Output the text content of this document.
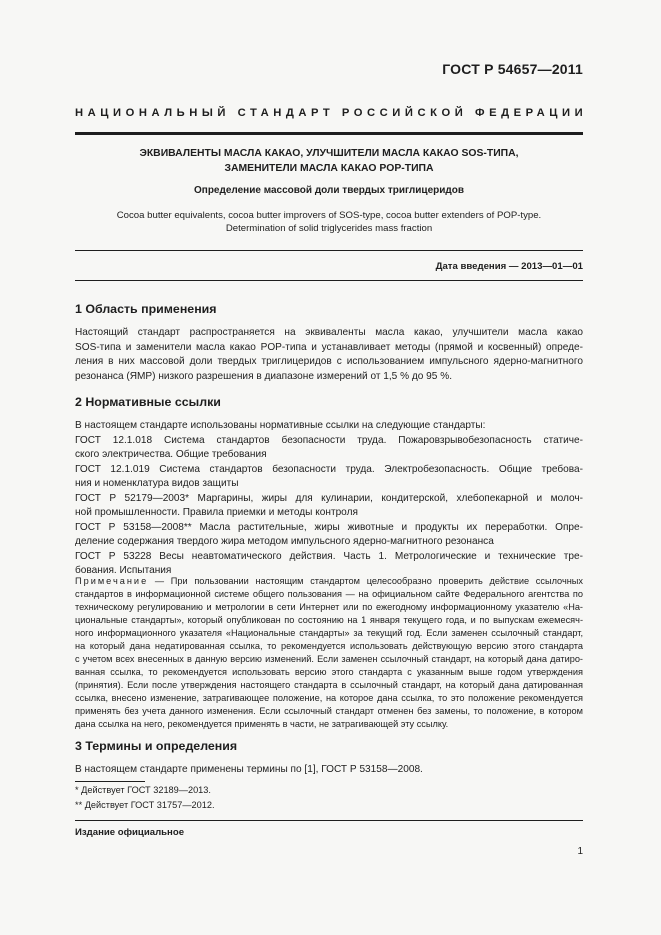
ГОСТ Р 54657—2011
НАЦИОНАЛЬНЫЙ СТАНДАРТ РОССИЙСКОЙ ФЕДЕРАЦИИ
ЭКВИВАЛЕНТЫ МАСЛА КАКАО, УЛУЧШИТЕЛИ МАСЛА КАКАО SOS-ТИПА,
ЗАМЕНИТЕЛИ МАСЛА КАКАО POP-ТИПА
Определение массовой доли твердых триглицеридов
Cocoa butter equivalents, cocoa butter improvers of SOS-type, cocoa butter extenders of POP-type.
Determination of solid triglycerides mass fraction
Дата введения — 2013—01—01
1 Область применения
Настоящий стандарт распространяется на эквиваленты масла какао, улучшители масла какао
SOS-типа и заменители масла какао POP-типа и устанавливает методы (прямой и косвенный) опреде-
ления в них массовой доли твердых триглицеридов с использованием импульсного ядерно-магнитного
резонанса (ЯМР) низкого разрешения в диапазоне измерений от 1,5 % до 95 %.
2 Нормативные ссылки
В настоящем стандарте использованы нормативные ссылки на следующие стандарты:
ГОСТ 12.1.018 Система стандартов безопасности труда. Пожаровзрывобезопасность статиче-
ского электричества. Общие требования
ГОСТ 12.1.019 Система стандартов безопасности труда. Электробезопасность. Общие требова-
ния и номенклатура видов защиты
ГОСТ Р 52179—2003* Маргарины, жиры для кулинарии, кондитерской, хлебопекарной и молоч-
ной промышленности. Правила приемки и методы контроля
ГОСТ Р 53158—2008** Масла растительные, жиры животные и продукты их переработки. Опре-
деление содержания твердого жира методом импульсного ядерно-магнитного резонанса
ГОСТ Р 53228 Весы неавтоматического действия. Часть 1. Метрологические и технические тре-
бования. Испытания
Примечание — При пользовании настоящим стандартом целесообразно проверить действие ссылочных
стандартов в информационной системе общего пользования — на официальном сайте Федерального агентства по
техническому регулированию и метрологии в сети Интернет или по ежегодному информационному указателю «На-
циональные стандарты», который опубликован по состоянию на 1 января текущего года, и по выпускам ежемесяч-
ного информационного указателя «Национальные стандарты» за текущий год. Если заменен ссылочный стандарт,
на который дана недатированная ссылка, то рекомендуется использовать действующую версию этого стандарта
с учетом всех внесенных в данную версию изменений. Если заменен ссылочный стандарт, на который дана датиро-
ванная ссылка, то рекомендуется использовать версию этого стандарта с указанным выше годом утверждения
(принятия). Если после утверждения настоящего стандарта в ссылочный стандарт, на который дана датированная
ссылка, внесено изменение, затрагивающее положение, на которое дана ссылка, то это положение рекомендуется
применять без учета данного изменения. Если ссылочный стандарт отменен без замены, то положение, в котором
дана ссылка на него, рекомендуется применять в части, не затрагивающей эту ссылку.
3 Термины и определения
В настоящем стандарте применены термины по [1], ГОСТ Р 53158—2008.
* Действует ГОСТ 32189—2013.
** Действует ГОСТ 31757—2012.
Издание официальное
1
